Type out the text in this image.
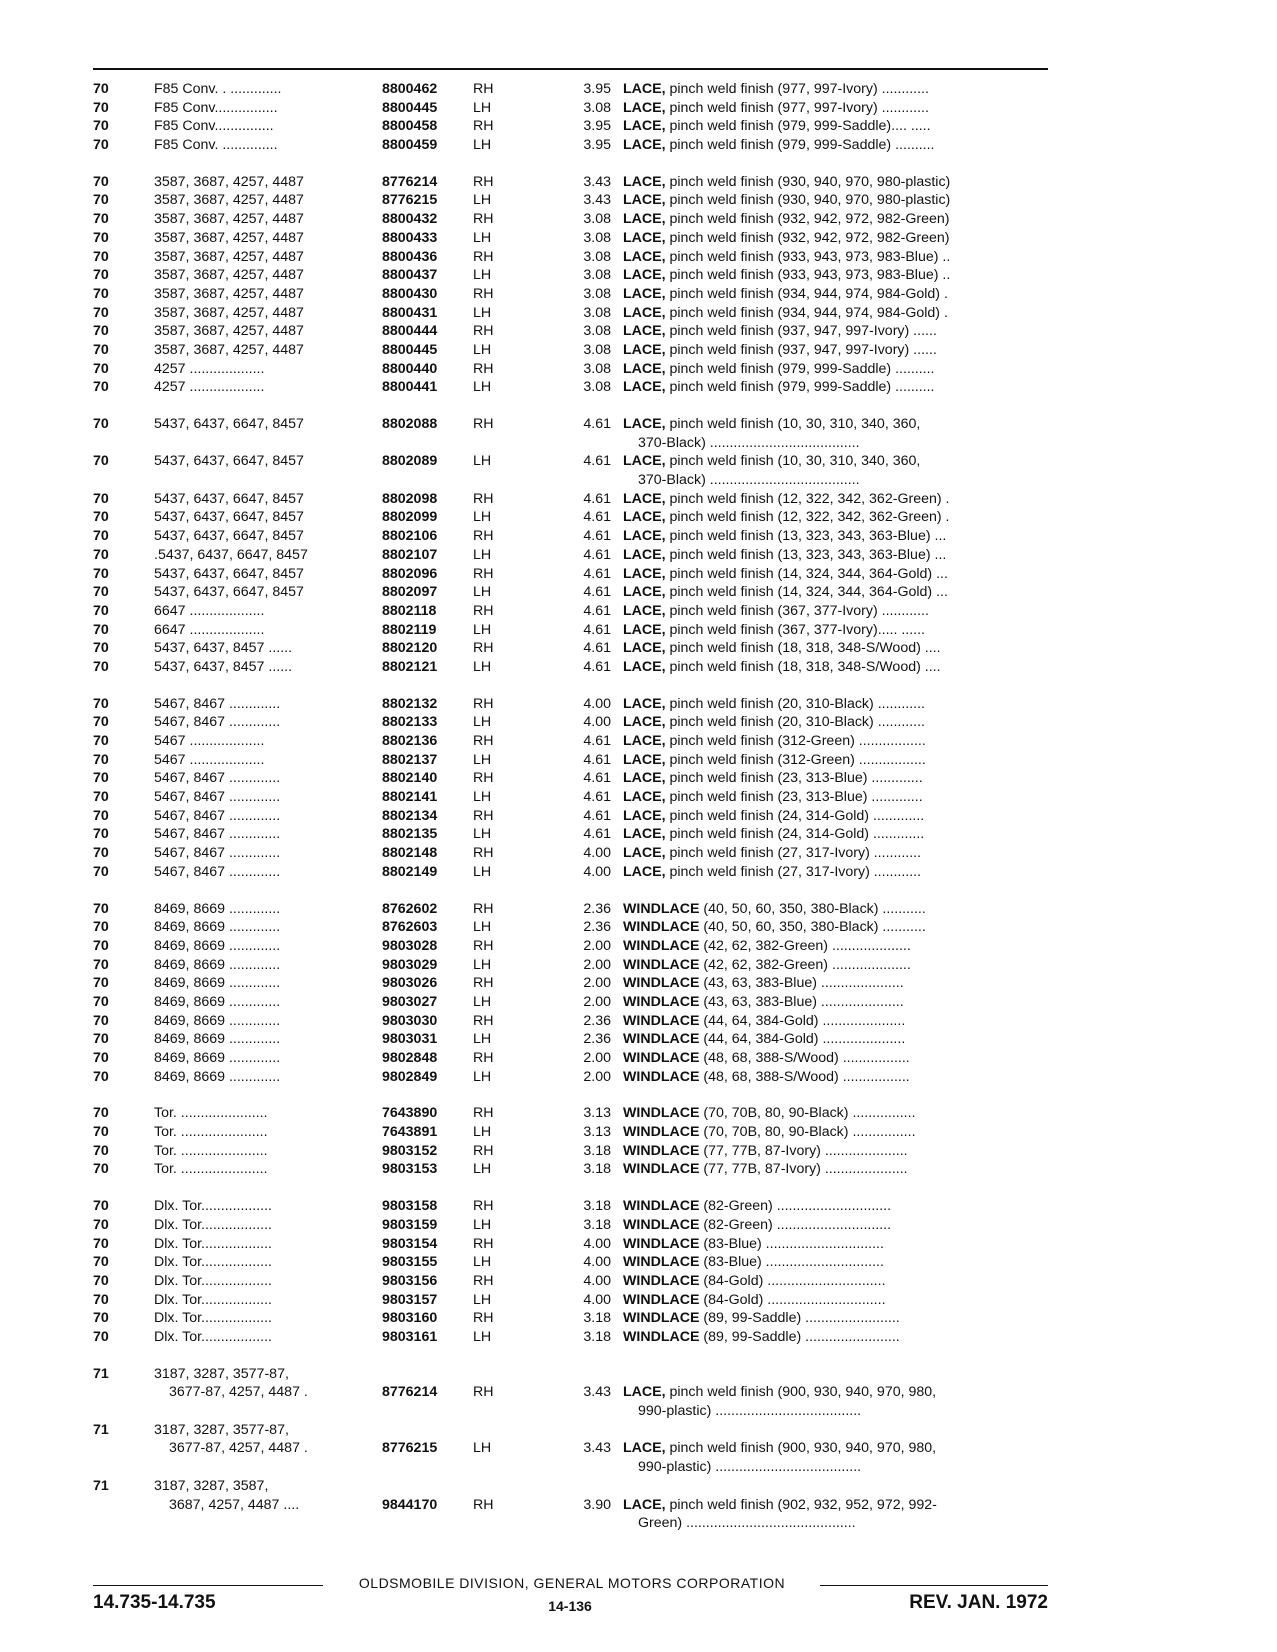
70	F85 Conv. . .............	8800462	RH	3.95 LACE, pinch weld finish (977, 997-Ivory) ............
70	F85 Conv................	8800445	LH	3.08 LACE, pinch weld finish (977, 997-Ivory) ............
70	F85 Conv...............	8800458	RH	3.95 LACE, pinch weld finish (979, 999-Saddle).... .....
70	F85 Conv. ..............	8800459	LH	3.95 LACE, pinch weld finish (979, 999-Saddle) ..........
70	3587, 3687, 4257, 4487	8776214	RH	3.43 LACE, pinch weld finish (930, 940, 970, 980-plastic)
70	3587, 3687, 4257, 4487	8776215	LH	3.43 LACE, pinch weld finish (930, 940, 970, 980-plastic)
70	3587, 3687, 4257, 4487	8800432	RH	3.08 LACE, pinch weld finish (932, 942, 972, 982-Green)
70	3587, 3687, 4257, 4487	8800433	LH	3.08 LACE, pinch weld finish (932, 942, 972, 982-Green)
70	3587, 3687, 4257, 4487	8800436	RH	3.08 LACE, pinch weld finish (933, 943, 973, 983-Blue) ..
70	3587, 3687, 4257, 4487	8800437	LH	3.08 LACE, pinch weld finish (933, 943, 973, 983-Blue) ..
70	3587, 3687, 4257, 4487	8800430	RH	3.08 LACE, pinch weld finish (934, 944, 974, 984-Gold) .
70	3587, 3687, 4257, 4487	8800431	LH	3.08 LACE, pinch weld finish (934, 944, 974, 984-Gold) .
70	3587, 3687, 4257, 4487	8800444	RH	3.08 LACE, pinch weld finish (937, 947, 997-Ivory) ......
70	3587, 3687, 4257, 4487	8800445	LH	3.08 LACE, pinch weld finish (937, 947, 997-Ivory) ......
70	4257 ...................	8800440	RH	3.08 LACE, pinch weld finish (979, 999-Saddle) ..........
70	4257 ...................	8800441	LH	3.08 LACE, pinch weld finish (979, 999-Saddle) ..........
70	5437, 6437, 6647, 8457	8802088	RH	4.61 LACE, pinch weld finish (10, 30, 310, 340, 360,
370-Black) ......................................
70	5437, 6437, 6647, 8457	8802089	LH	4.61 LACE, pinch weld finish (10, 30, 310, 340, 360,
370-Black) ......................................
70	5437, 6437, 6647, 8457	8802098	RH	4.61 LACE, pinch weld finish (12, 322, 342, 362-Green) .
70	5437, 6437, 6647, 8457	8802099	LH	4.61 LACE, pinch weld finish (12, 322, 342, 362-Green) .
70	5437, 6437, 6647, 8457	8802106	RH	4.61 LACE, pinch weld finish (13, 323, 343, 363-Blue) ...
70	.5437, 6437, 6647, 8457	8802107	LH	4.61 LACE, pinch weld finish (13, 323, 343, 363-Blue) ...
70	5437, 6437, 6647, 8457	8802096	RH	4.61 LACE, pinch weld finish (14, 324, 344, 364-Gold) ...
70	5437, 6437, 6647, 8457	8802097	LH	4.61 LACE, pinch weld finish (14, 324, 344, 364-Gold) ...
70	6647 ...................	8802118	RH	4.61 LACE, pinch weld finish (367, 377-Ivory) ............
70	6647 ...................	8802119	LH	4.61 LACE, pinch weld finish (367, 377-Ivory)..... ......
70	5437, 6437, 8457 ......	8802120	RH	4.61 LACE, pinch weld finish (18, 318, 348-S/Wood) ....
70	5437, 6437, 8457 ......	8802121	LH	4.61 LACE, pinch weld finish (18, 318, 348-S/Wood) ....
70	5467, 8467 .............	8802132	RH	4.00 LACE, pinch weld finish (20, 310-Black) ............
70	5467, 8467 .............	8802133	LH	4.00 LACE, pinch weld finish (20, 310-Black) ............
70	5467 ...................	8802136	RH	4.61 LACE, pinch weld finish (312-Green) .................
70	5467 ...................	8802137	LH	4.61 LACE, pinch weld finish (312-Green) .................
70	5467, 8467 .............	8802140	RH	4.61 LACE, pinch weld finish (23, 313-Blue) .............
70	5467, 8467 .............	8802141	LH	4.61 LACE, pinch weld finish (23, 313-Blue) .............
70	5467, 8467 .............	8802134	RH	4.61 LACE, pinch weld finish (24, 314-Gold) .............
70	5467, 8467 .............	8802135	LH	4.61 LACE, pinch weld finish (24, 314-Gold) .............
70	5467, 8467 .............	8802148	RH	4.00 LACE, pinch weld finish (27, 317-Ivory) ............
70	5467, 8467 .............	8802149	LH	4.00 LACE, pinch weld finish (27, 317-Ivory) ............
70	8469, 8669 .............	8762602	RH	2.36 WINDLACE (40, 50, 60, 350, 380-Black) ...........
70	8469, 8669 .............	8762603	LH	2.36 WINDLACE (40, 50, 60, 350, 380-Black) ...........
70	8469, 8669 .............	9803028	RH	2.00 WINDLACE (42, 62, 382-Green) ....................
70	8469, 8669 .............	9803029	LH	2.00 WINDLACE (42, 62, 382-Green) ....................
70	8469, 8669 .............	9803026	RH	2.00 WINDLACE (43, 63, 383-Blue) .....................
70	8469, 8669 .............	9803027	LH	2.00 WINDLACE (43, 63, 383-Blue) .....................
70	8469, 8669 .............	9803030	RH	2.36 WINDLACE (44, 64, 384-Gold) .....................
70	8469, 8669 .............	9803031	LH	2.36 WINDLACE (44, 64, 384-Gold) .....................
70	8469, 8669 .............	9802848	RH	2.00 WINDLACE (48, 68, 388-S/Wood) .................
70	8469, 8669 .............	9802849	LH	2.00 WINDLACE (48, 68, 388-S/Wood) .................
70	Tor. ......................	7643890	RH	3.13 WINDLACE (70, 70B, 80, 90-Black) ................
70	Tor. ......................	7643891	LH	3.13 WINDLACE (70, 70B, 80, 90-Black) ................
70	Tor. ......................	9803152	RH	3.18 WINDLACE (77, 77B, 87-Ivory) .....................
70	Tor. ......................	9803153	LH	3.18 WINDLACE (77, 77B, 87-Ivory) .....................
70	Dlx. Tor..................	9803158	RH	3.18 WINDLACE (82-Green) .............................
70	Dlx. Tor..................	9803159	LH	3.18 WINDLACE (82-Green) .............................
70	Dlx. Tor..................	9803154	RH	4.00 WINDLACE (83-Blue) ..............................
70	Dlx. Tor..................	9803155	LH	4.00 WINDLACE (83-Blue) ..............................
70	Dlx. Tor..................	9803156	RH	4.00 WINDLACE (84-Gold) ..............................
70	Dlx. Tor..................	9803157	LH	4.00 WINDLACE (84-Gold) ..............................
70	Dlx. Tor..................	9803160	RH	3.18 WINDLACE (89, 99-Saddle) ........................
70	Dlx. Tor..................	9803161	LH	3.18 WINDLACE (89, 99-Saddle) ........................
71	3187, 3287, 3577-87,
3677-87, 4257, 4487 .	8776214	RH	3.43 LACE, pinch weld finish (900, 930, 940, 970, 980,
990-plastic) .....................................
71	3187, 3287, 3577-87,
3677-87, 4257, 4487 .	8776215	LH	3.43 LACE, pinch weld finish (900, 930, 940, 970, 980,
990-plastic) .....................................
71	3187, 3287, 3587,
3687, 4257, 4487 ....	9844170	RH	3.90 LACE, pinch weld finish (902, 932, 952, 972, 992-
Green) ...........................................
OLDSMOBILE DIVISION, GENERAL MOTORS CORPORATION
14.735-14.735	14-136	REV. JAN. 1972
